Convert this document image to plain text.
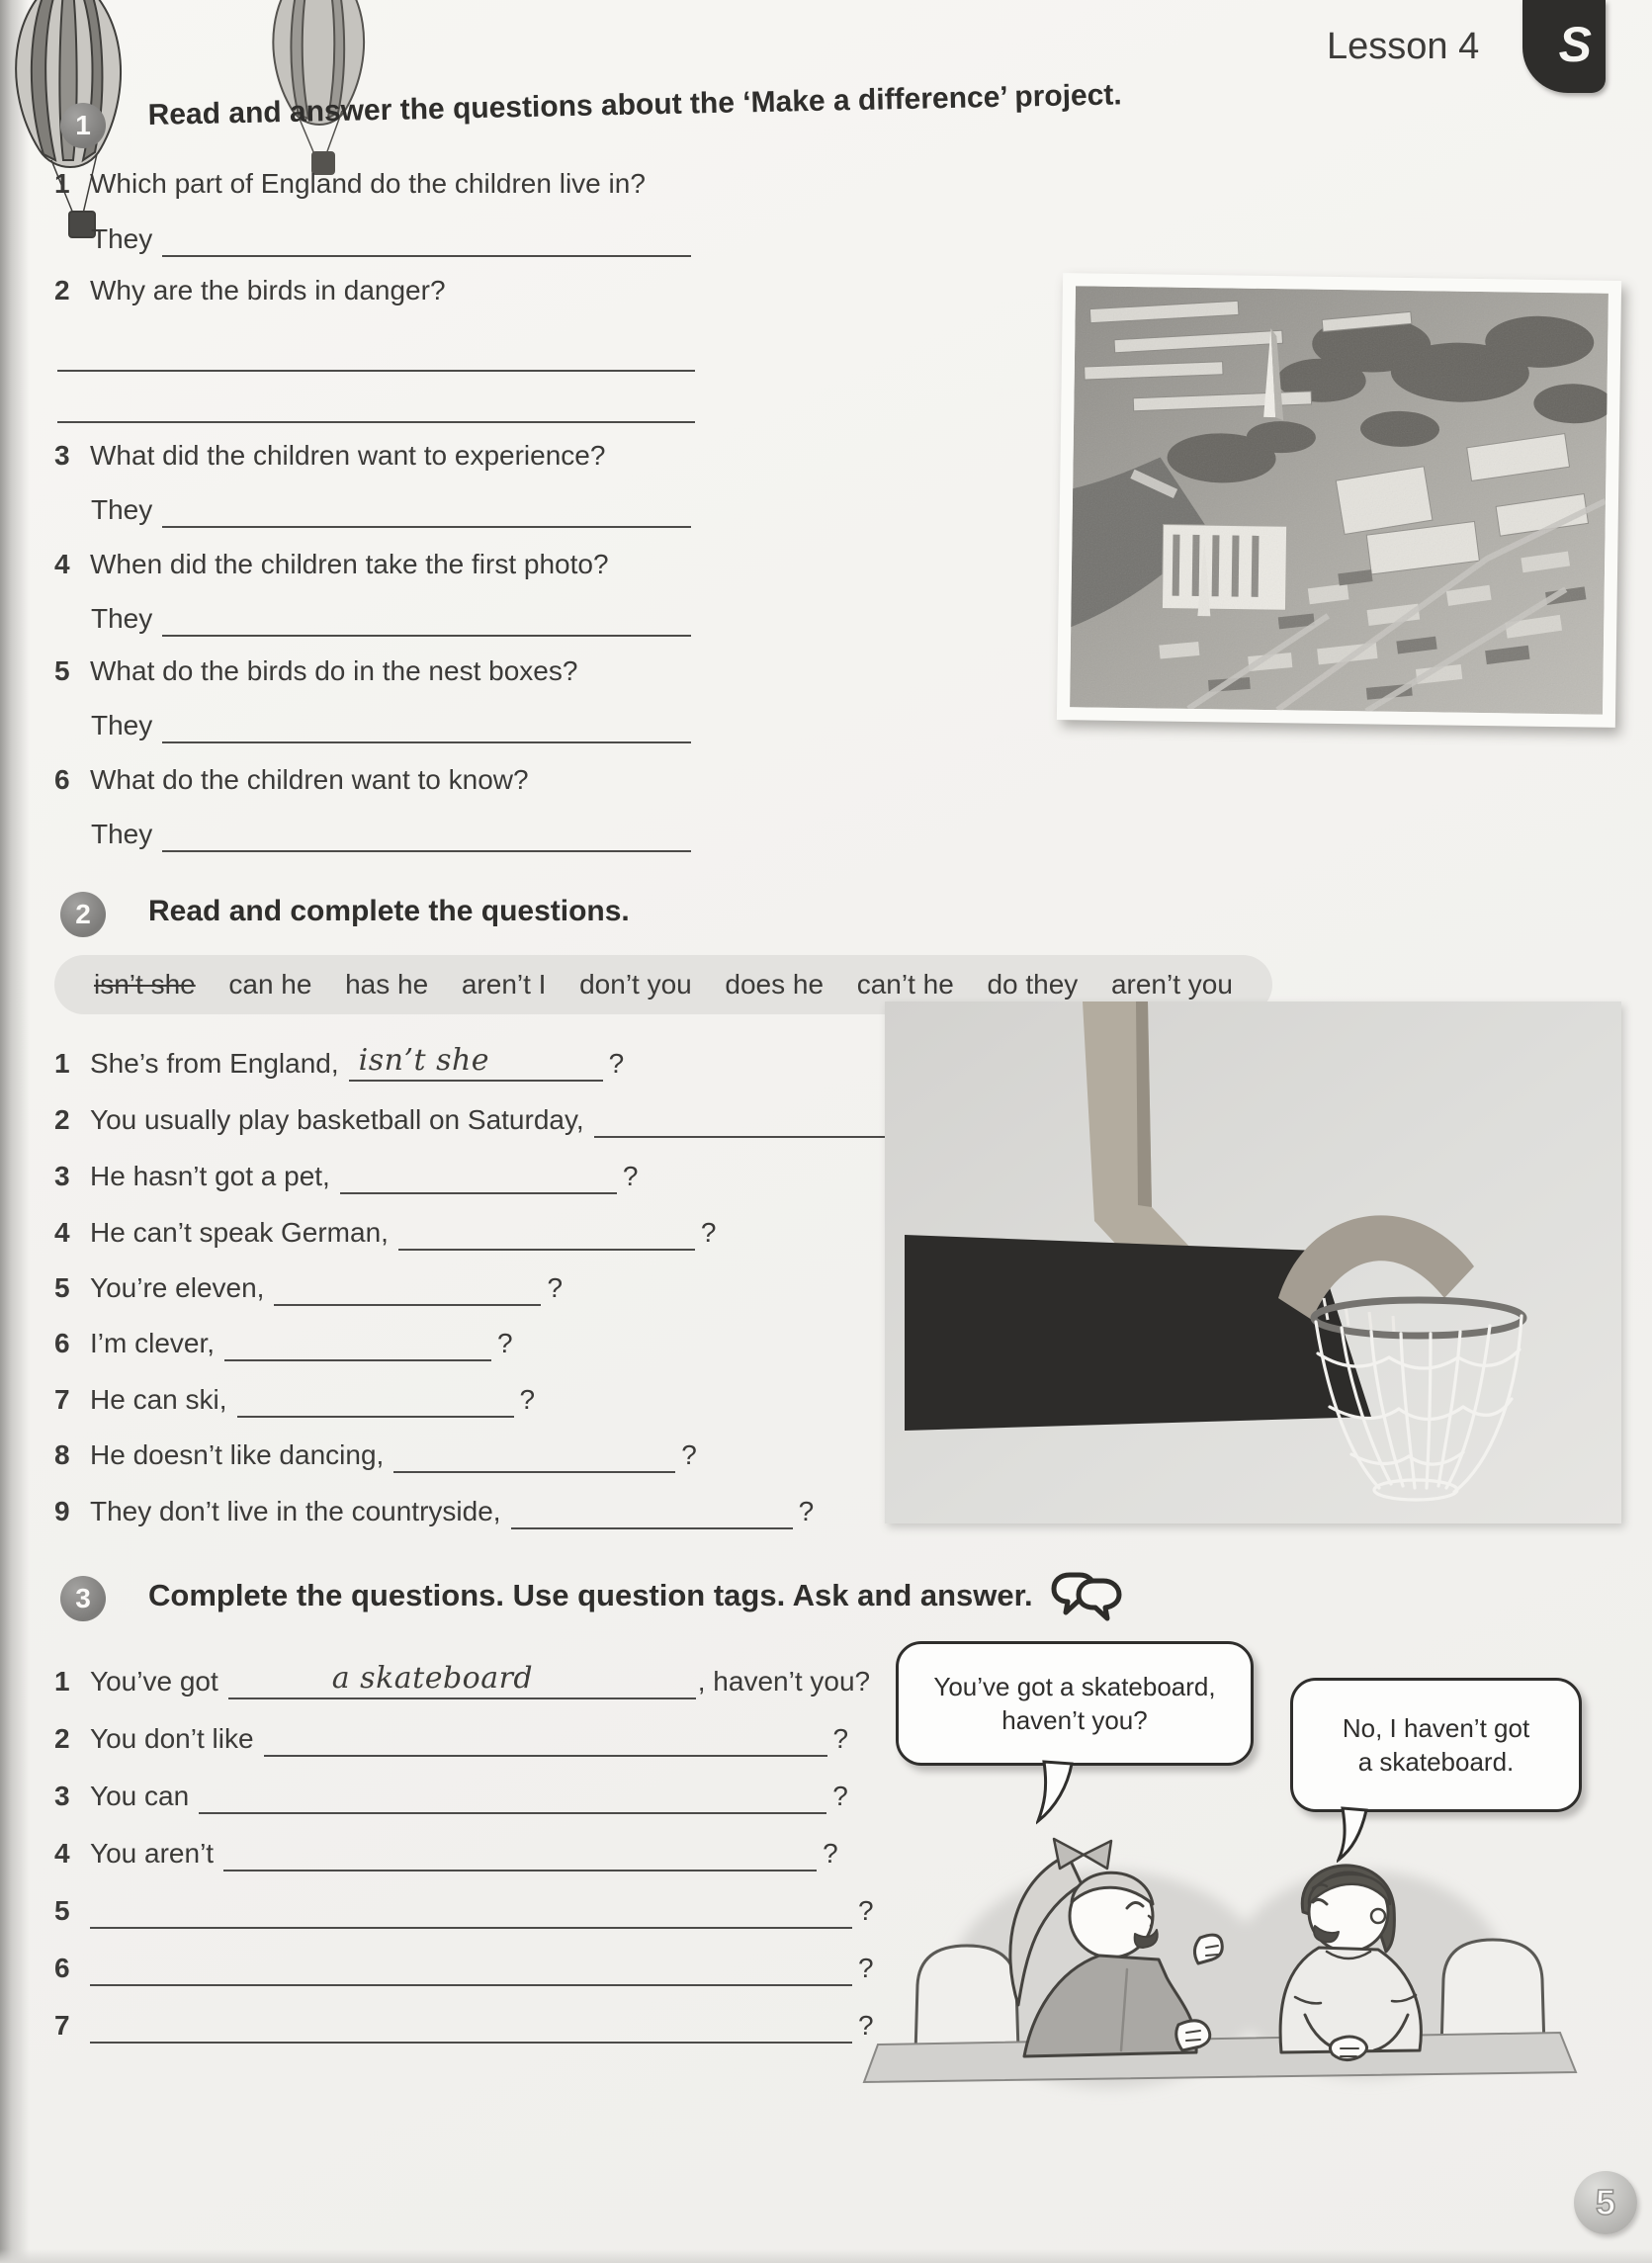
Lesson 4 S
1	Read and answer the questions about the ‘Make a difference’ project.
1 Which part of England do the children live in?
They
2 Why are the birds in danger?
3 What did the children want to experience?
They
4 When did the children take the first photo?
They
5 What do the birds do in the nest boxes?
They
6 What do the children want to know?
They
2	Read and complete the questions.
isn’t she can he has he aren’t I don’t you does he can’t he do they aren’t you
1 She’s from England, isn’t she	?
2 You usually play basketball on Saturday,
3 He hasn’t got a pet,	?
4 He can’t speak German,	?
5 You’re eleven,	?
6 I’m clever,	?
7 He can ski,	?
8 He doesn’t like dancing,	?
9 They don’t live in the countryside,	?
3	Complete the questions. Use question tags. Ask and answer.
1 You’ve got	a skateboard	, haven’t you?
2 You don’t like	?
3 You can	?
4 You aren’t	?
5	?
6	?
7	?
You’ve got a skateboard,
haven’t you?	No, I haven’t got
a skateboard.
5
